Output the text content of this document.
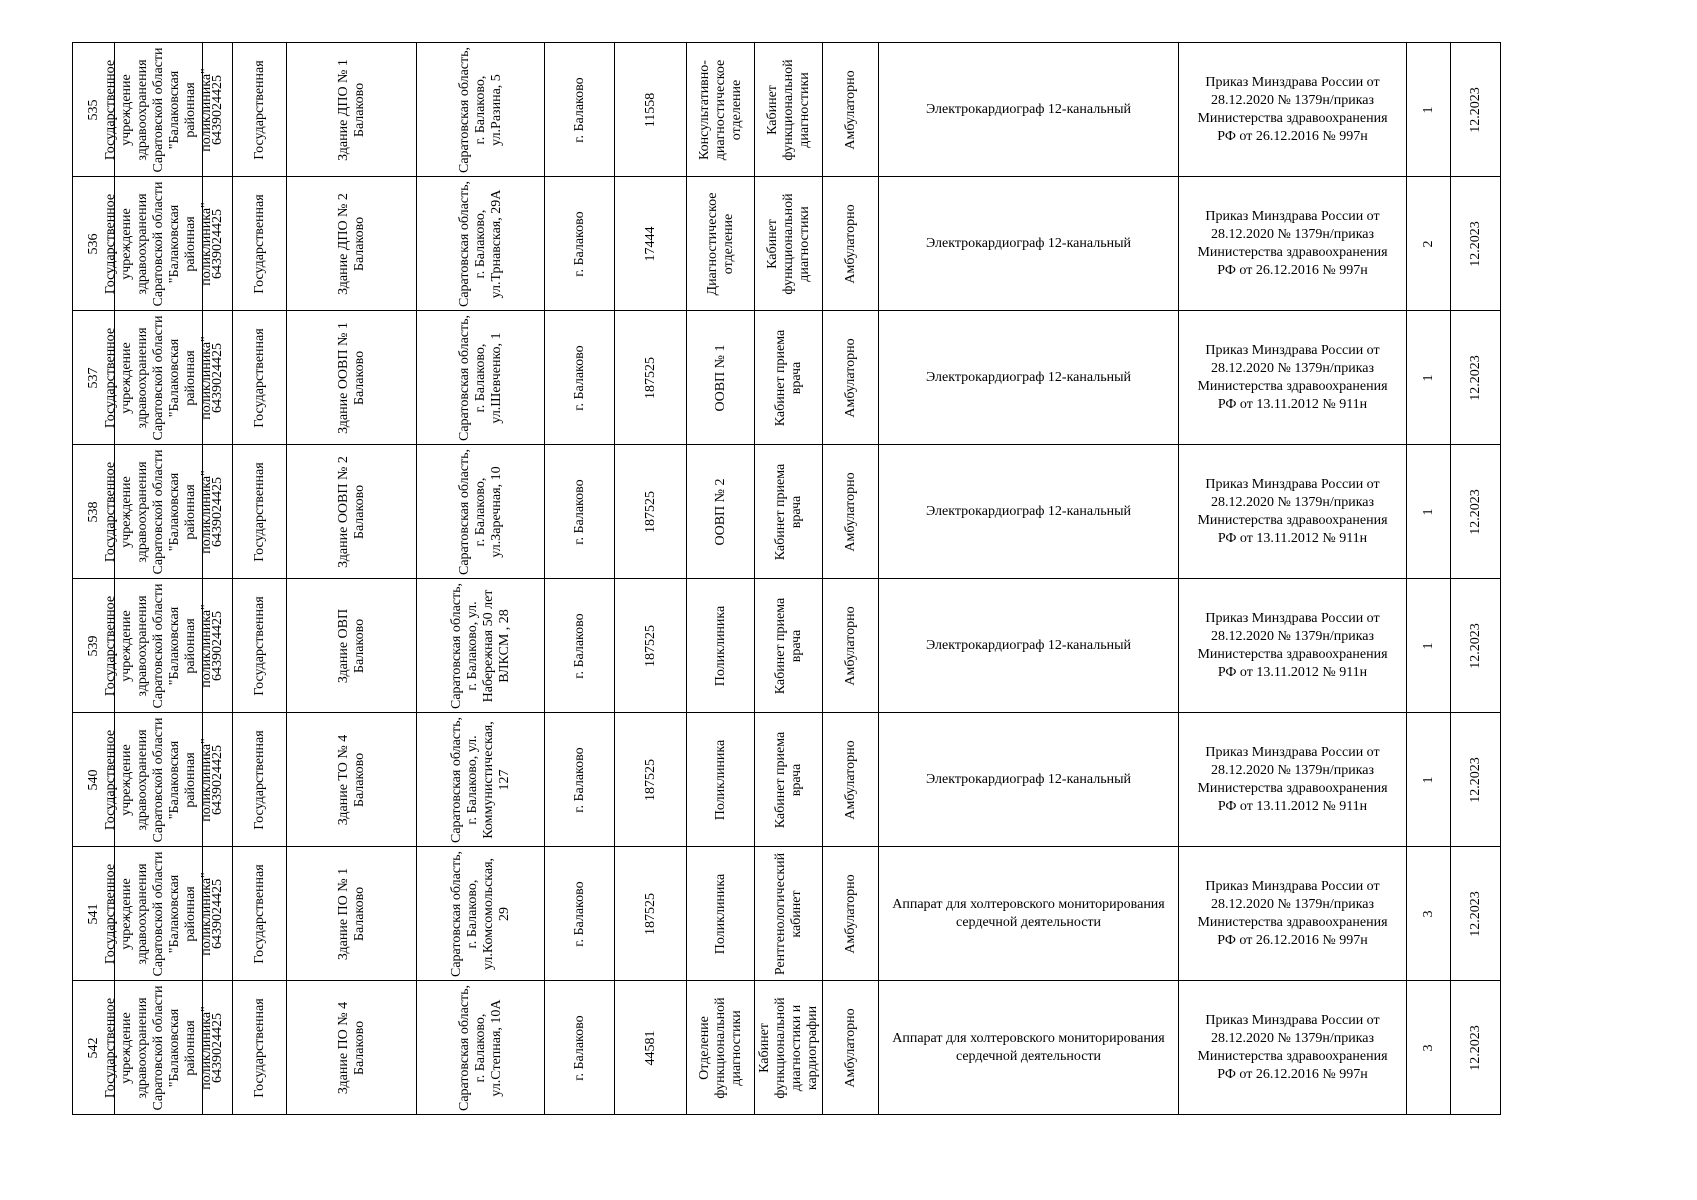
535	Государственное учреждение здравоохранения Саратовской области "Балаковская районная поликлиника"	6439024425	Государственная	Здание ДПО № 1 Балаково	Саратовская область, г. Балаково, ул.Разина, 5	г. Балаково	11558	Консультативно-диагностическое отделение	Кабинет функциональной диагностики	Амбулаторно	Электрокардиограф 12-канальный	Приказ Минздрава России от 28.12.2020 № 1379н/приказ Министерства здравоохранения РФ от 26.12.2016 № 997н	1	12.2023

536	Государственное учреждение здравоохранения Саратовской области "Балаковская районная поликлиника"	6439024425	Государственная	Здание ДПО № 2 Балаково	Саратовская область, г. Балаково, ул.Трнавская, 29А	г. Балаково	17444	Диагностическое отделение	Кабинет функциональной диагностики	Амбулаторно	Электрокардиограф 12-канальный	Приказ Минздрава России от 28.12.2020 № 1379н/приказ Министерства здравоохранения РФ от 26.12.2016 № 997н	2	12.2023

537	Государственное учреждение здравоохранения Саратовской области "Балаковская районная поликлиника"	6439024425	Государственная	Здание ООВП № 1 Балаково	Саратовская область, г. Балаково, ул.Шевченко, 1	г. Балаково	187525	ООВП № 1	Кабинет приема врача	Амбулаторно	Электрокардиограф 12-канальный	Приказ Минздрава России от 28.12.2020 № 1379н/приказ Министерства здравоохранения РФ от 13.11.2012 № 911н	1	12.2023

538	Государственное учреждение здравоохранения Саратовской области "Балаковская районная поликлиника"	6439024425	Государственная	Здание ООВП № 2 Балаково	Саратовская область, г. Балаково, ул.Заречная, 10	г. Балаково	187525	ООВП № 2	Кабинет приема врача	Амбулаторно	Электрокардиограф 12-канальный	Приказ Минздрава России от 28.12.2020 № 1379н/приказ Министерства здравоохранения РФ от 13.11.2012 № 911н	1	12.2023

539	Государственное учреждение здравоохранения Саратовской области "Балаковская районная поликлиника"	6439024425	Государственная	Здание ОВП Балаково	Саратовская область, г. Балаково, ул. Набережная 50 лет ВЛКСМ , 28	г. Балаково	187525	Поликлиника	Кабинет приема врача	Амбулаторно	Электрокардиограф 12-канальный	Приказ Минздрава России от 28.12.2020 № 1379н/приказ Министерства здравоохранения РФ от 13.11.2012 № 911н	1	12.2023

540	Государственное учреждение здравоохранения Саратовской области "Балаковская районная поликлиника"	6439024425	Государственная	Здание ТО № 4 Балаково	Саратовская область, г. Балаково, ул. Коммунистическая, 127	г. Балаково	187525	Поликлиника	Кабинет приема врача	Амбулаторно	Электрокардиограф 12-канальный	Приказ Минздрава России от 28.12.2020 № 1379н/приказ Министерства здравоохранения РФ от 13.11.2012 № 911н	1	12.2023

541	Государственное учреждение здравоохранения Саратовской области "Балаковская районная поликлиника"	6439024425	Государственная	Здание ПО № 1 Балаково	Саратовская область, г. Балаково, ул.Комсомольская, 29	г. Балаково	187525	Поликлиника	Рентгенологический кабинет	Амбулаторно	Аппарат для холтеровского мониторирования сердечной деятельности	Приказ Минздрава России от 28.12.2020 № 1379н/приказ Министерства здравоохранения РФ от 26.12.2016 № 997н	3	12.2023

542	Государственное учреждение здравоохранения Саратовской области "Балаковская районная поликлиника"	6439024425	Государственная	Здание ПО № 4 Балаково	Саратовская область, г. Балаково, ул.Степная, 10А	г. Балаково	44581	Отделение функциональной диагностики	Кабинет функциональной диагностики и кардиографии	Амбулаторно	Аппарат для холтеровского мониторирования сердечной деятельности	Приказ Минздрава России от 28.12.2020 № 1379н/приказ Министерства здравоохранения РФ от 26.12.2016 № 997н	3	12.2023
